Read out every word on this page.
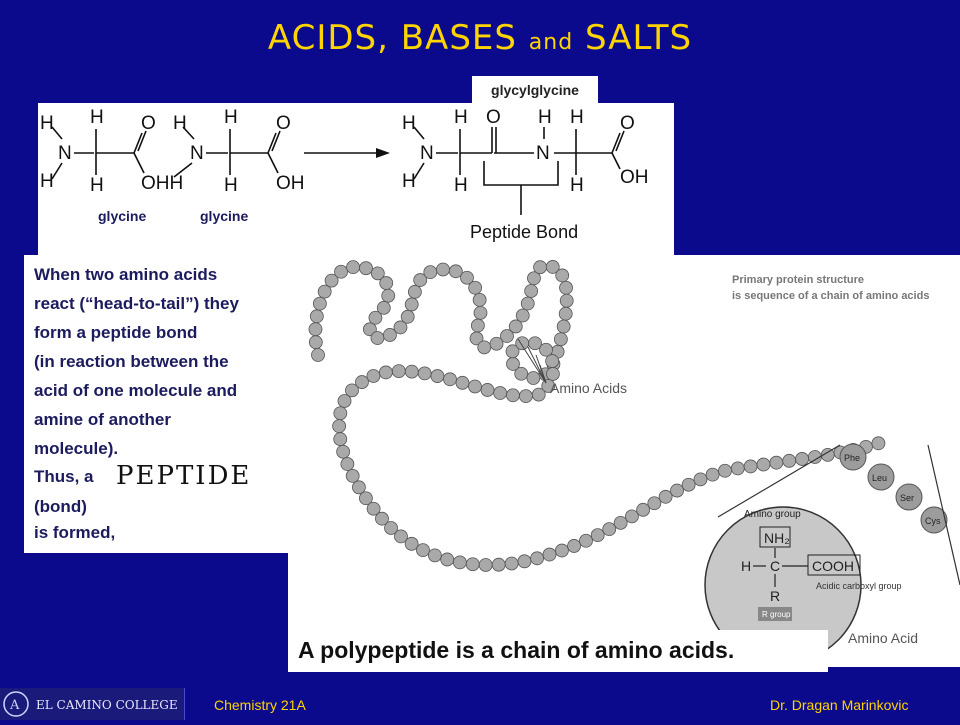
ACIDS, BASES and SALTS
glycylglycine
H
H
N
H
H
O
OHH
H
N
H
H
O
OH
H
H
N
H
H
O
N
H H
H
O
OH
Peptide Bond
glycine	glycine
When two amino acids
react (“head-to-tail”) they
form a peptide bond
(in reaction between the
acid of one molecule and
amine of another
molecule).
Thus, a PEPTIDE
(bond)
is formed,
Primary protein structure
is sequence of a chain of amino acids
Amino Acids
Phe
Leu
Ser
Cys
Amino group
NH₂
H C COOH
R
Acidic carboxyl group
R group
Amino Acid
A polypeptide is a chain of amino acids.
A EL CAMINO COLLEGE	Chemistry 21A	Dr. Dragan Marinkovic
